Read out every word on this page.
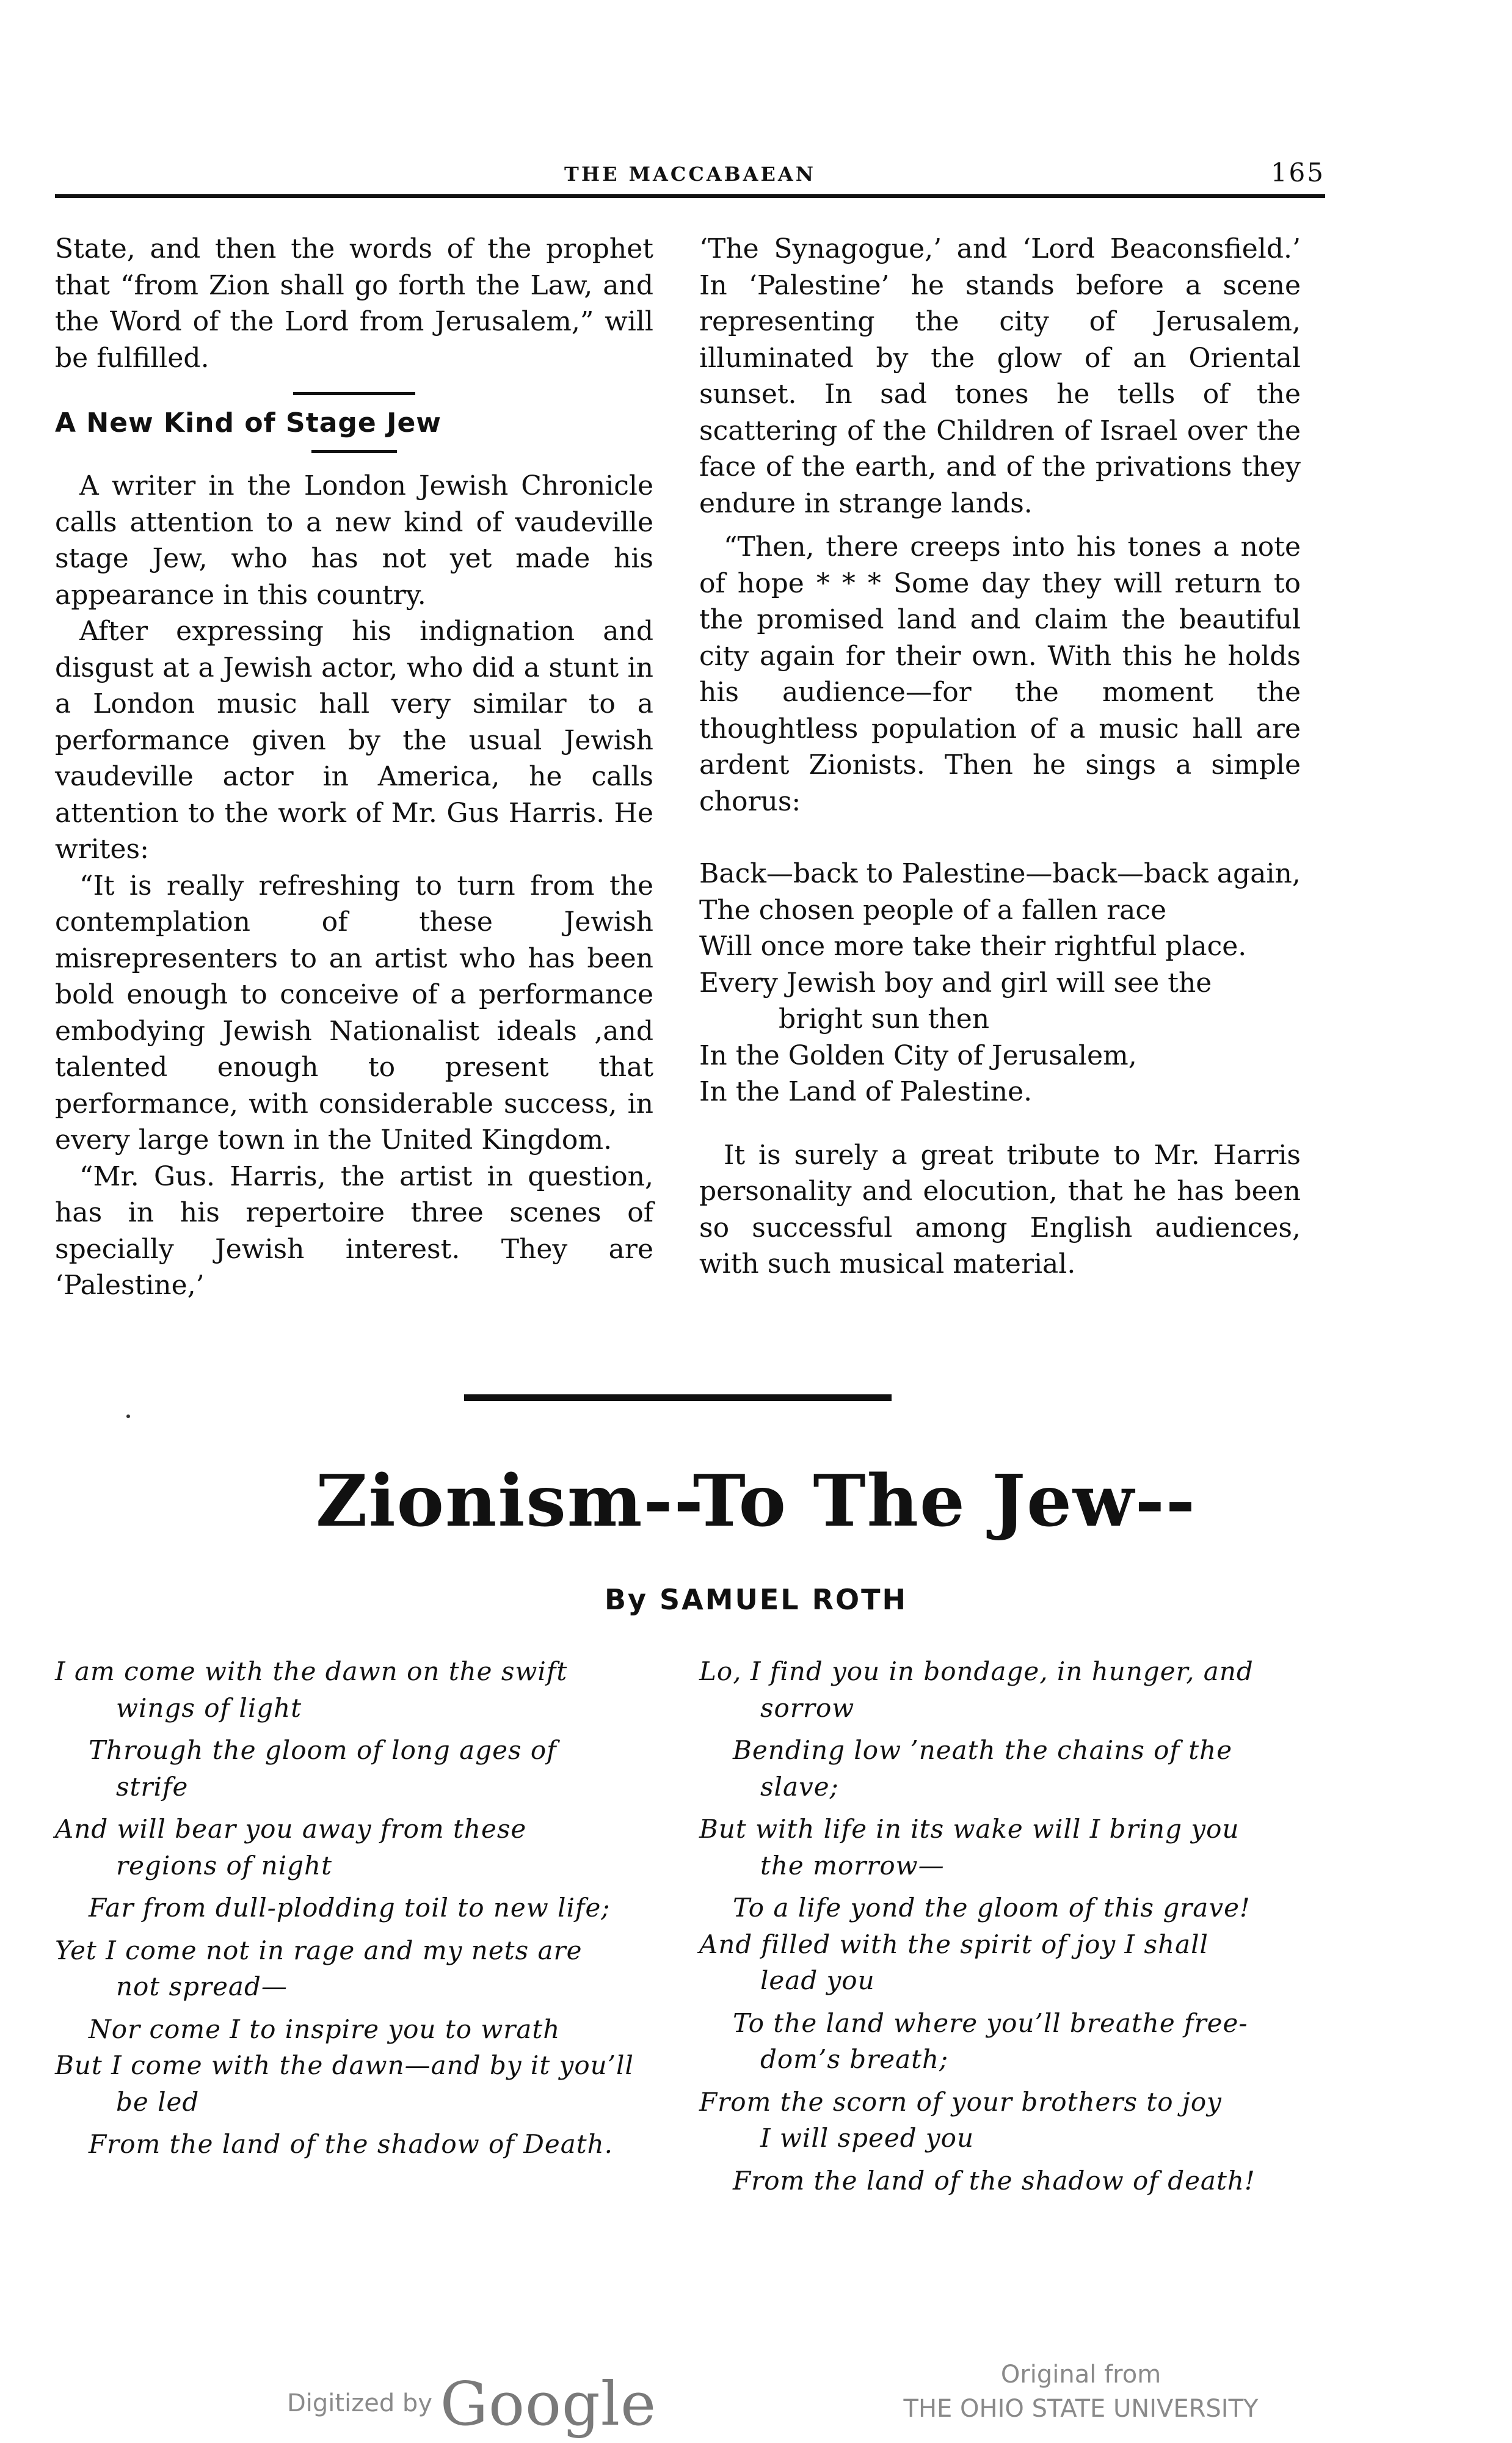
THE MACCABAEAN	165

State, and then the words of the prophet that “from Zion shall go forth the Law, and the Word of the Lord from Jerusalem,” will be fulfilled.

A New Kind of Stage Jew

A writer in the London Jewish Chronicle calls attention to a new kind of vaudeville stage Jew, who has not yet made his appearance in this country.

After expressing his indignation and disgust at a Jewish actor, who did a stunt in a London music hall very similar to a performance given by the usual Jewish vaudeville actor in America, he calls attention to the work of Mr. Gus Harris. He writes:

“It is really refreshing to turn from the contemplation of these Jewish misrepresenters to an artist who has been bold enough to conceive of a performance embodying Jewish Nationalist ideals ,and talented enough to present that performance, with considerable success, in every large town in the United Kingdom.

“Mr. Gus. Harris, the artist in question, has in his repertoire three scenes of specially Jewish interest. They are ‘Palestine,’

‘The Synagogue,’ and ‘Lord Beaconsfield.’ In ‘Palestine’ he stands before a scene representing the city of Jerusalem, illuminated by the glow of an Oriental sunset. In sad tones he tells of the scattering of the Children of Israel over the face of the earth, and of the privations they endure in strange lands.

“Then, there creeps into his tones a note of hope * * * Some day they will return to the promised land and claim the beautiful city again for their own. With this he holds his audience—for the moment the thoughtless population of a music hall are ardent Zionists. Then he sings a simple chorus:

Back—back to Palestine—back—back again,
The chosen people of a fallen race
Will once more take their rightful place.
Every Jewish boy and girl will see the
bright sun then
In the Golden City of Jerusalem,
In the Land of Palestine.

It is surely a great tribute to Mr. Harris personality and elocution, that he has been so successful among English audiences, with such musical material.

Zionism--To The Jew--
By SAMUEL ROTH
I am come with the dawn on the swift
wings of light
Through the gloom of long ages of
strife
And will bear you away from these
regions of night
Far from dull-plodding toil to new life;
Yet I come not in rage and my nets are
not spread—
Nor come I to inspire you to wrath
But I come with the dawn—and by it you’ll
be led
From the land of the shadow of Death.
Lo, I find you in bondage, in hunger, and
sorrow
Bending low ’neath the chains of the
slave;
But with life in its wake will I bring you
the morrow—
To a life yond the gloom of this grave!
And filled with the spirit of joy I shall
lead you
To the land where you’ll breathe free-
dom’s breath;
From the scorn of your brothers to joy
I will speed you
From the land of the shadow of death!
Digitized by Google	Original from
THE OHIO STATE UNIVERSITY
